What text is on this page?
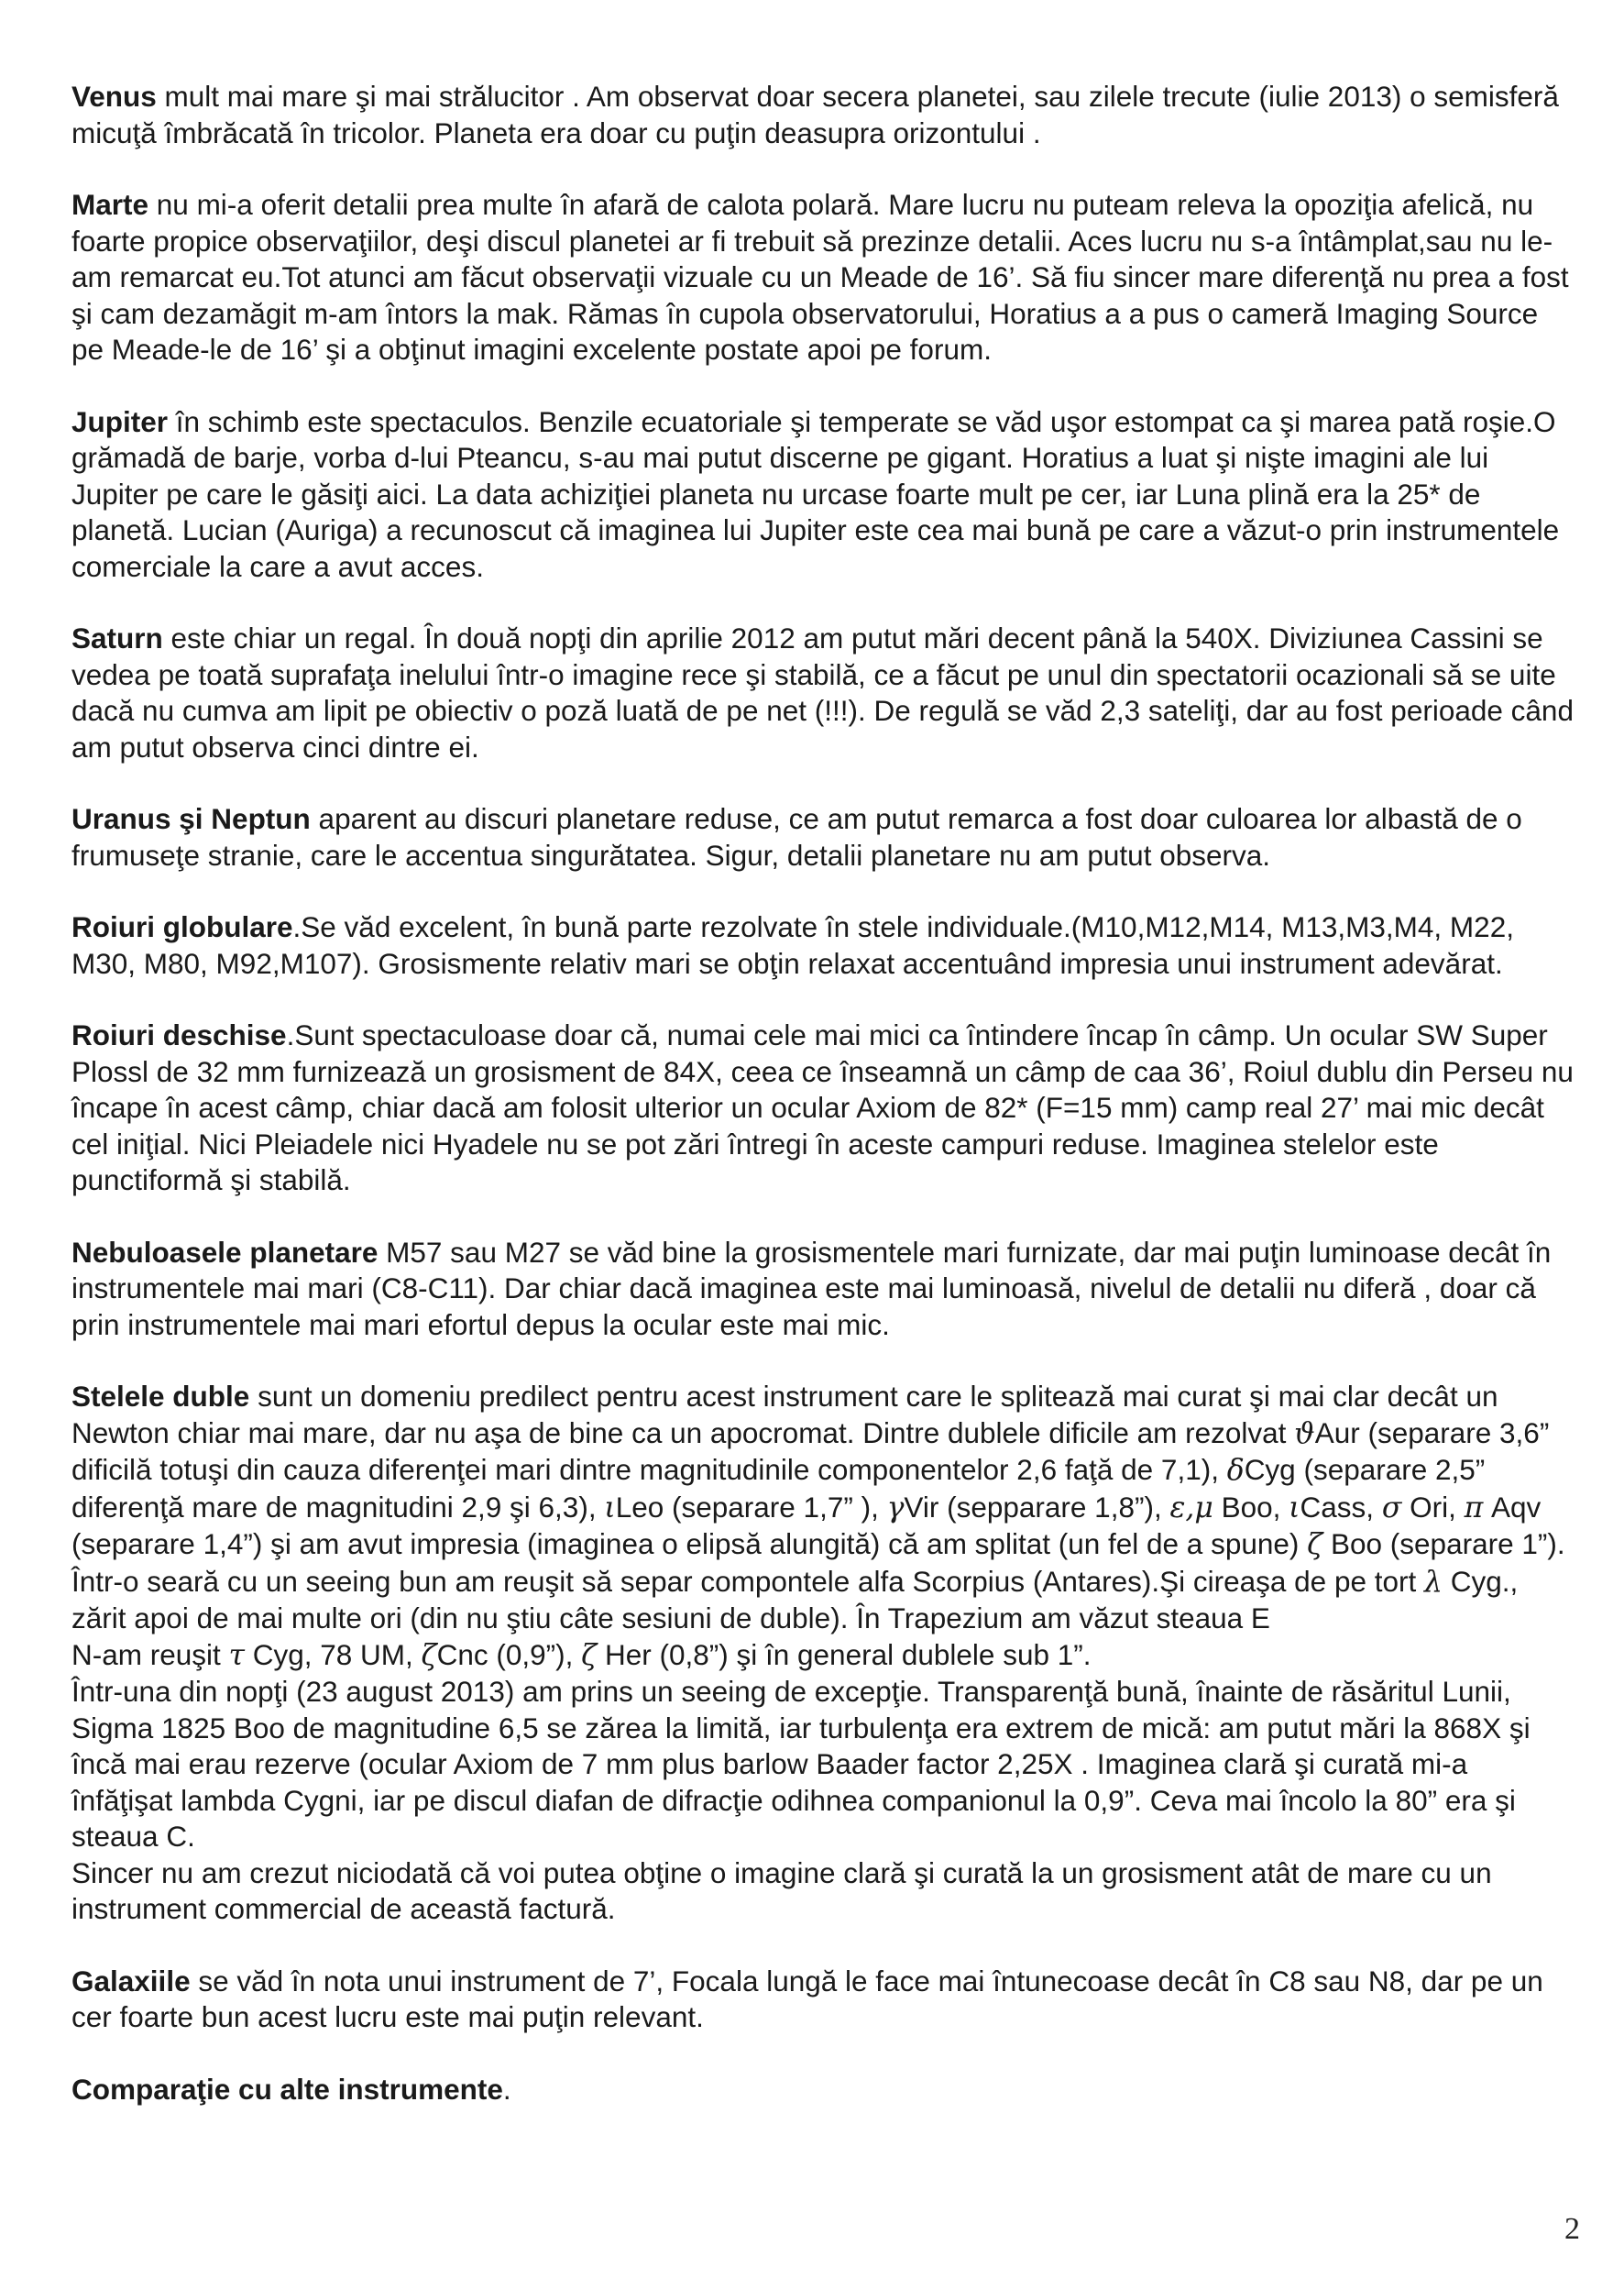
Venus mult mai mare şi mai strălucitor . Am observat doar secera planetei, sau zilele trecute (iulie 2013) o semisferă micuţă îmbrăcată în tricolor. Planeta era doar cu puţin deasupra orizontului .

Marte nu mi-a oferit detalii prea multe în afară de calota polară. Mare lucru nu puteam releva la opoziţia afelică, nu foarte propice observaţiilor, deşi discul planetei ar fi trebuit să prezinze detalii. Aces lucru nu s-a întâmplat,sau nu le-am remarcat eu.Tot atunci am făcut observaţii vizuale cu un Meade de 16’. Să fiu sincer mare diferenţă nu prea a fost şi cam dezamăgit m-am întors la mak. Rămas în cupola observatorului, Horatius a a pus o cameră Imaging Source pe Meade-le de 16’ şi a obţinut imagini excelente postate apoi pe forum.

Jupiter în schimb este spectaculos. Benzile ecuatoriale şi temperate se văd uşor estompat ca şi marea pată roşie.O grămadă de barje, vorba d-lui Pteancu, s-au mai putut discerne pe gigant. Horatius a luat şi nişte imagini ale lui Jupiter pe care le găsiţi aici. La data achiziţiei planeta nu urcase foarte mult pe cer, iar Luna plină era la 25* de planetă. Lucian (Auriga) a recunoscut că imaginea lui Jupiter este cea mai bună pe care a văzut-o prin instrumentele comerciale la care a avut acces.

Saturn este chiar un regal. În două nopţi din aprilie 2012 am putut mări decent până la 540X. Diviziunea Cassini se vedea pe toată suprafaţa inelului într-o imagine rece şi stabilă, ce a făcut pe unul din spectatorii ocazionali să se uite dacă nu cumva am lipit pe obiectiv o poză luată de pe net (!!!). De regulă se văd 2,3 sateliţi, dar au fost perioade când am putut observa cinci dintre ei.

Uranus şi Neptun aparent au discuri planetare reduse, ce am putut remarca a fost doar culoarea lor albastă de o frumuseţe stranie, care le accentua singurătatea. Sigur, detalii planetare nu am putut observa.

Roiuri globulare.Se văd excelent, în bună parte rezolvate în stele individuale.(M10,M12,M14, M13,M3,M4, M22, M30, M80, M92,M107). Grosismente relativ mari se obţin relaxat accentuând impresia unui instrument adevărat.

Roiuri deschise.Sunt spectaculoase doar că, numai cele mai mici ca întindere încap în câmp. Un ocular SW Super Plossl de 32 mm furnizează un grosisment de 84X, ceea ce înseamnă un câmp de caa 36’, Roiul dublu din Perseu nu încape în acest câmp, chiar dacă am folosit ulterior un ocular Axiom de 82* (F=15 mm) camp real 27’ mai mic decât cel iniţial. Nici Pleiadele nici Hyadele nu se pot zări întregi în aceste campuri reduse. Imaginea stelelor este punctiformă şi stabilă.

Nebuloasele planetare M57 sau M27 se văd bine la grosismentele mari furnizate, dar mai puţin luminoase decât în instrumentele mai mari (C8-C11). Dar chiar dacă imaginea este mai luminoasă, nivelul de detalii nu diferă , doar că prin instrumentele mai mari efortul depus la ocular este mai mic.

Stelele duble sunt un domeniu predilect pentru acest instrument care le splitează mai curat şi mai clar decât un Newton chiar mai mare, dar nu aşa de bine ca un apocromat. Dintre dublele dificile am rezolvat ϑAur (separare 3,6” dificilă totuşi din cauza diferenţei mari dintre magnitudinile componentelor 2,6 faţă de 7,1), δCyg (separare 2,5” diferenţă mare de magnitudini 2,9 şi 6,3), ιLeo (separare 1,7” ), γVir (sepparare 1,8”), ε,μ Boo, ιCass, σ Ori, π Aqv (separare 1,4”) şi am avut impresia (imaginea o elipsă alungită) că am splitat (un fel de a spune) ζ Boo (separare 1”). Într-o seară cu un seeing bun am reuşit să separ compontele alfa Scorpius (Antares).Şi cireaşa de pe tort λ Cyg., zărit apoi de mai multe ori (din nu ştiu câte sesiuni de duble). În Trapezium am văzut steaua E
N-am reuşit τ Cyg, 78 UM, ζCnc (0,9”), ζ Her (0,8”) şi în general dublele sub 1”.
Într-una din nopţi (23 august 2013) am prins un seeing de excepţie. Transparenţă bună, înainte de răsăritul Lunii, Sigma 1825 Boo de magnitudine 6,5 se zărea la limită, iar turbulenţa era extrem de mică: am putut mări la 868X şi încă mai erau rezerve (ocular Axiom de 7 mm plus barlow Baader factor 2,25X . Imaginea clară şi curată mi-a înfăţişat lambda Cygni, iar pe discul diafan de difracţie odihnea companionul la 0,9”. Ceva mai încolo la 80” era şi steaua C.
Sincer nu am crezut niciodată că voi putea obţine o imagine clară şi curată la un grosisment atât de mare cu un instrument commercial de această factură.

Galaxiile se văd în nota unui instrument de 7’, Focala lungă le face mai întunecoase decât în C8 sau N8, dar pe un cer foarte bun acest lucru este mai puţin relevant.

Comparaţie cu alte instrumente.

2
